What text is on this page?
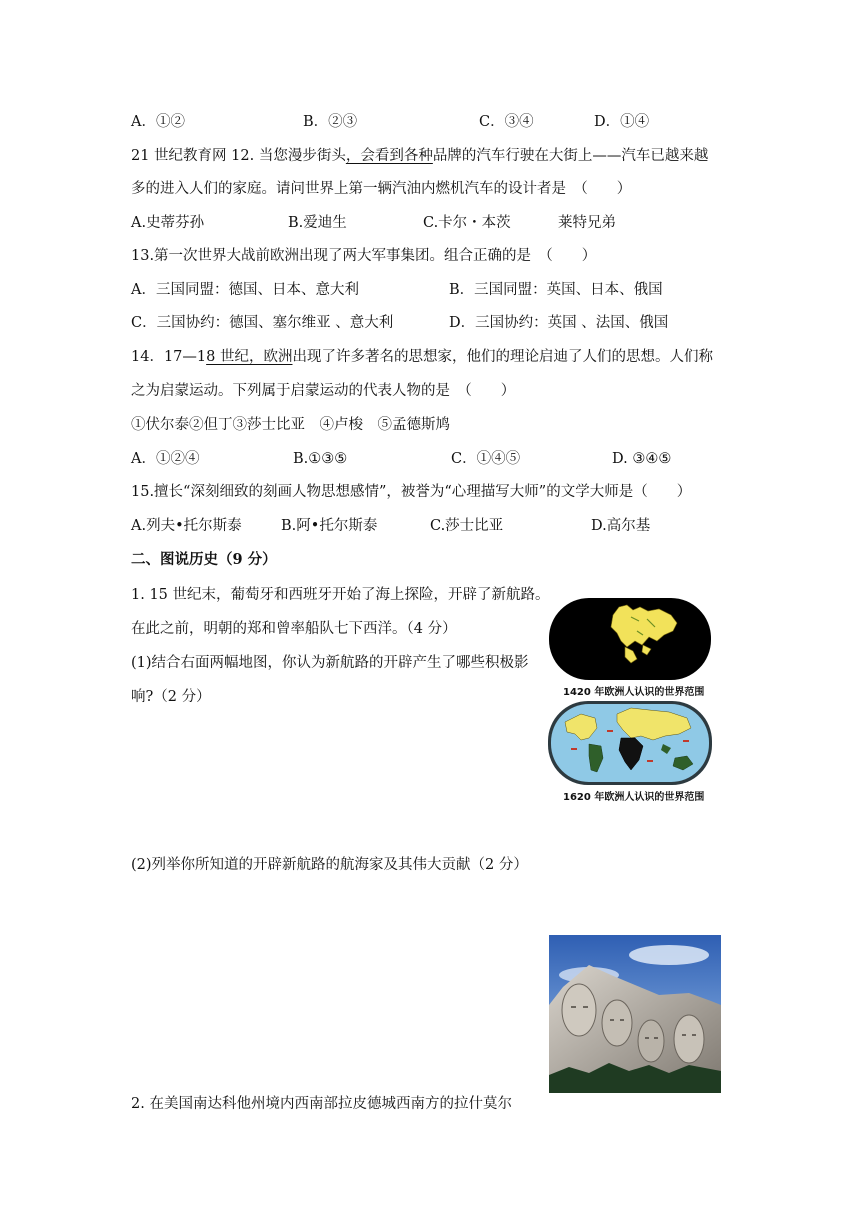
A．①②	B．②③	C．③④	D．①④
21 世纪教育网 12. 当您漫步街头，会看到各种品牌的汽车行驶在大街上——汽车已越来越
多的进入人们的家庭。请问世界上第一辆汽油内燃机汽车的设计者是　（　　）
A.史蒂芬孙	B.爱迪生	C.卡尔・本茨	莱特兄弟
13.第一次世界大战前欧洲出现了两大军事集团。组合正确的是　（　　）
A．三国同盟：德国、日本、意大利	B．三国同盟：英国、日本、俄国
C．三国协约：德国、塞尔维亚 、意大利	D．三国协约：英国 、法国、俄国
14．17—18 世纪，欧洲出现了许多著名的思想家，他们的理论启迪了人们的思想。人们称
之为启蒙运动。下列属于启蒙运动的代表人物的是　（　　）
①伏尔泰②但丁③莎士比亚　④卢梭　⑤孟德斯鸠
A．①②④	B.①③⑤	C．①④⑤	D. ③④⑤
15.擅长“深刻细致的刻画人物思想感情”，被誉为“心理描写大师”的文学大师是（　　）
A.列夫•托尔斯泰	B.阿•托尔斯泰	C.莎士比亚	D.高尔基
二、图说历史（9 分）
1. 15 世纪末，葡萄牙和西班牙开始了海上探险，开辟了新航路。
在此之前，明朝的郑和曾率船队七下西洋。（4 分）
(1)结合右面两幅地图，你认为新航路的开辟产生了哪些积极影
响?（2 分）
(2)列举你所知道的开辟新航路的航海家及其伟大贡献（2 分）
2. 在美国南达科他州境内西南部拉皮德城西南方的拉什莫尔
1420 年欧洲人认识的世界范围
1620 年欧洲人认识的世界范围
